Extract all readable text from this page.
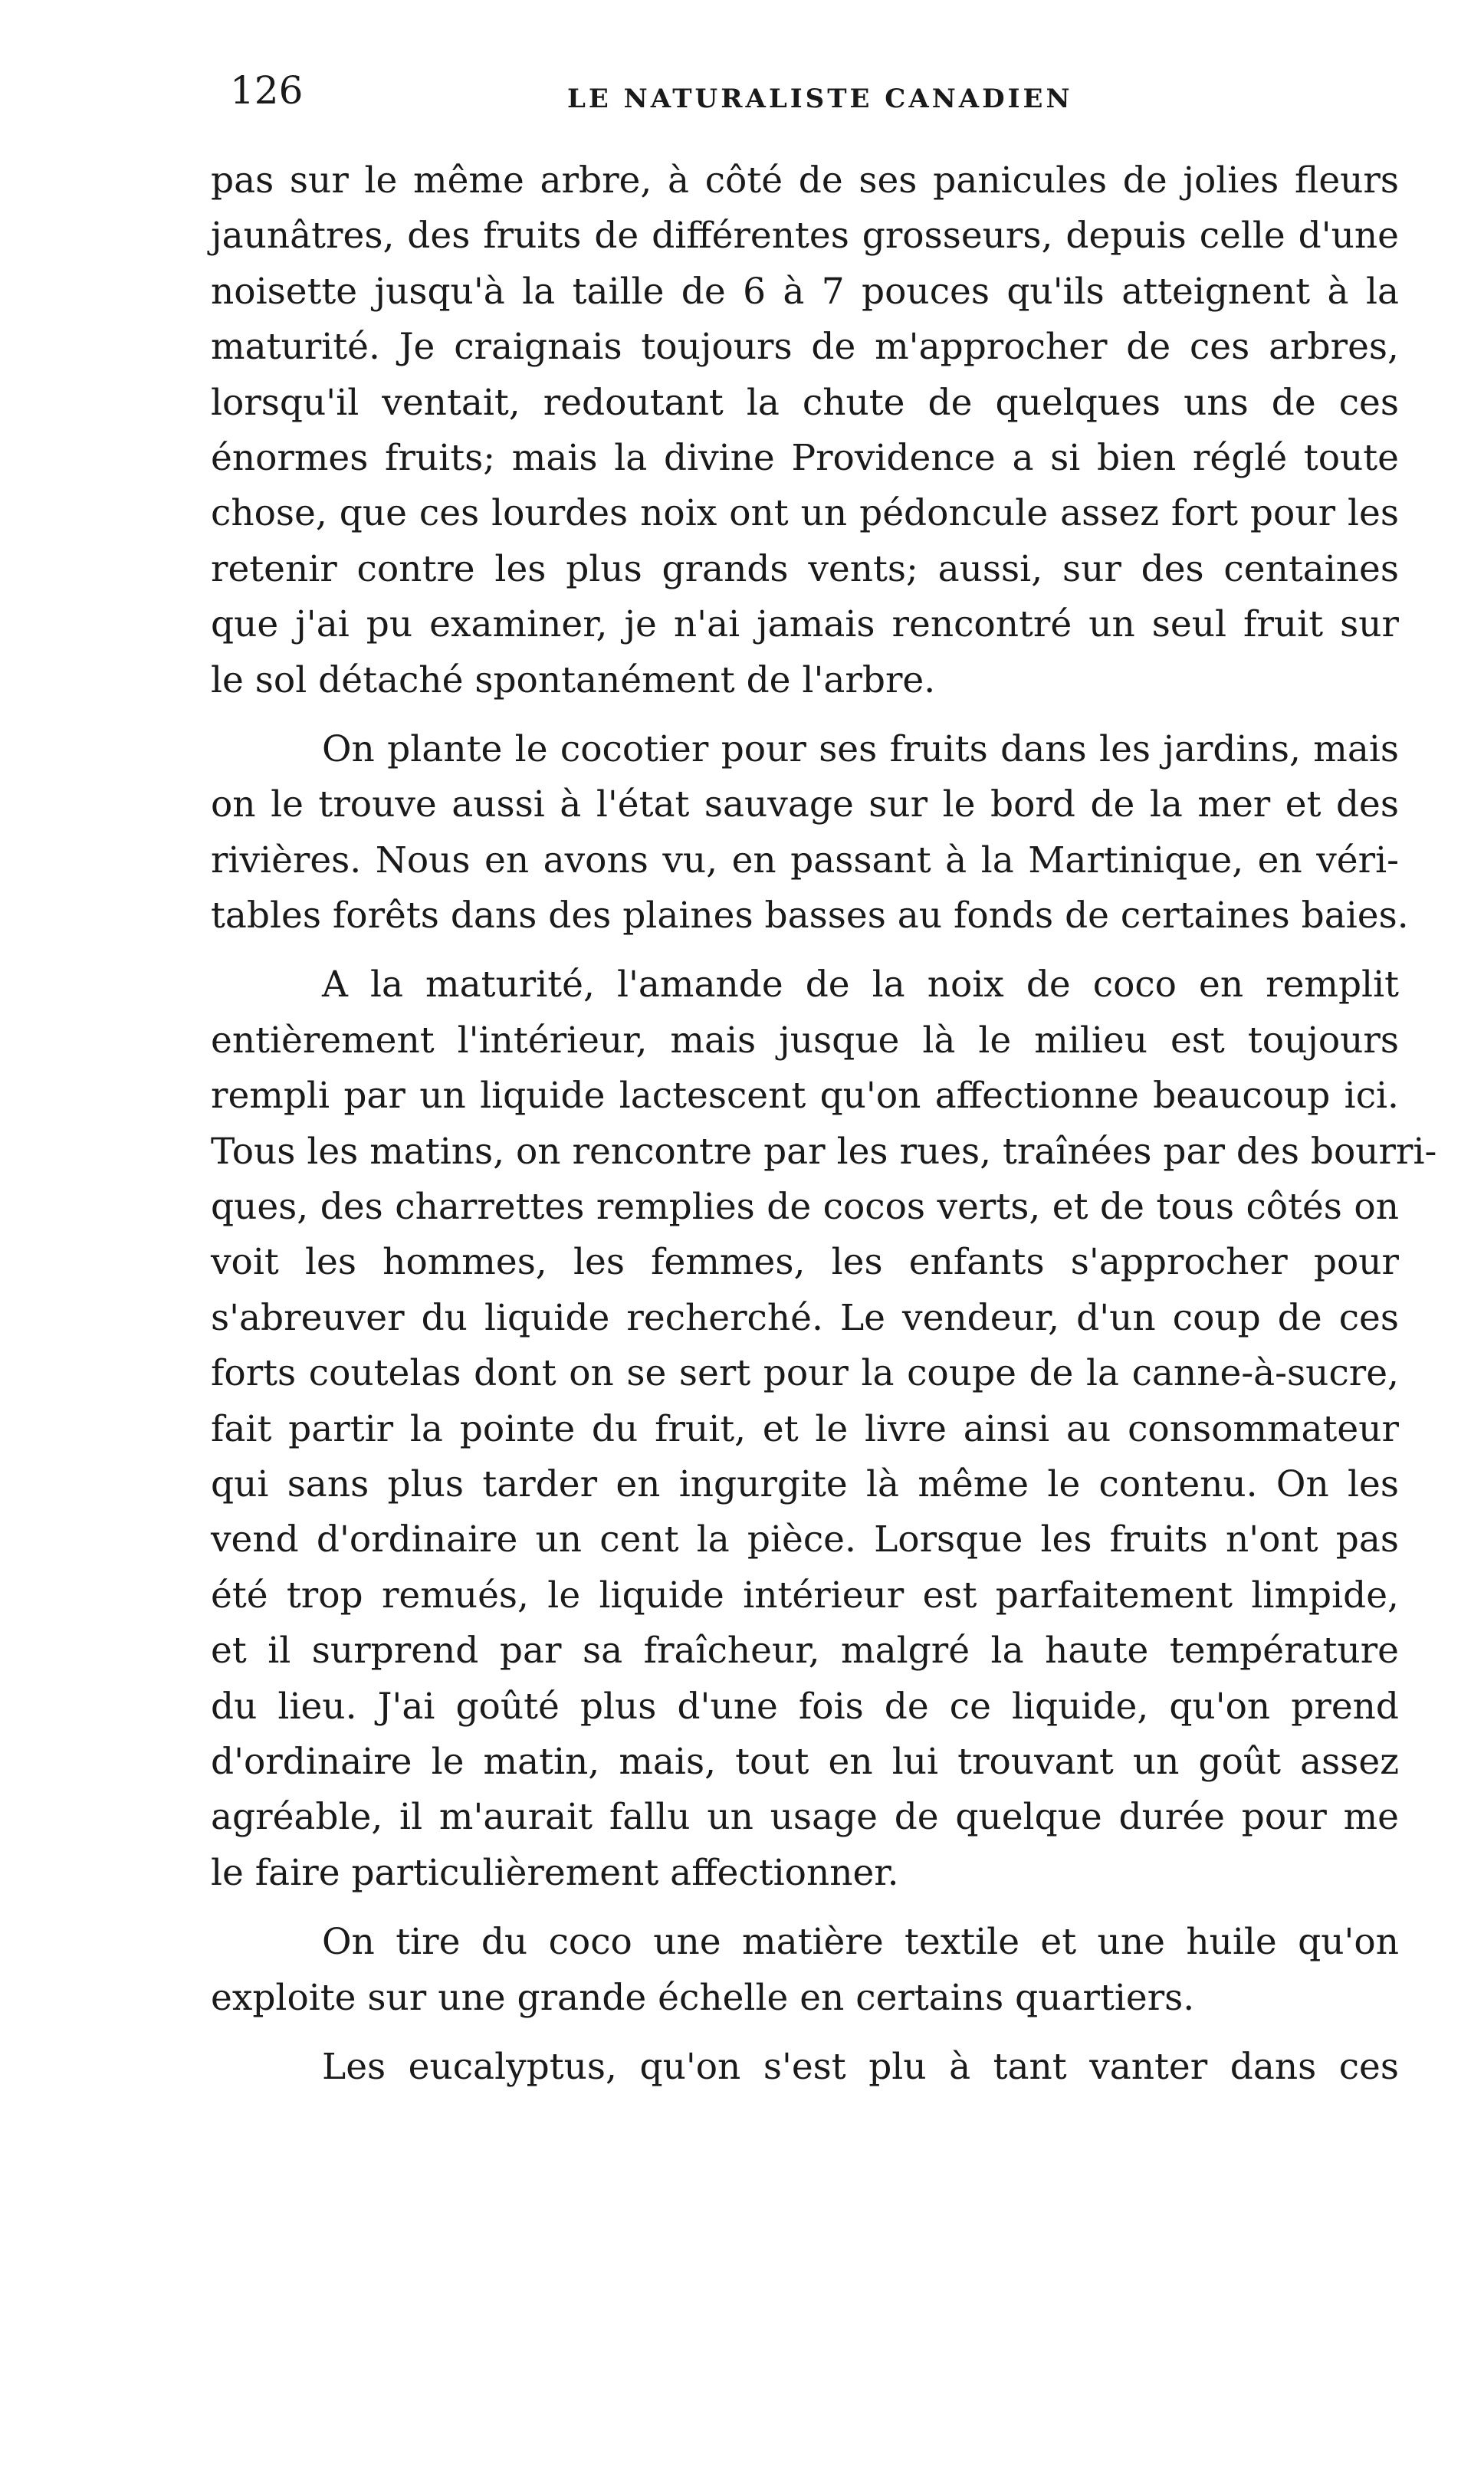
126	LE NATURALISTE CANADIEN
pas sur le même arbre, à côté de ses panicules de jolies fleurs
jaunâtres, des fruits de différentes grosseurs, depuis celle d'une
noisette jusqu'à la taille de 6 à 7 pouces qu'ils atteignent à la
maturité. Je craignais toujours de m'approcher de ces arbres,
lorsqu'il ventait, redoutant la chute de quelques uns de ces
énormes fruits; mais la divine Providence a si bien réglé toute
chose, que ces lourdes noix ont un pédoncule assez fort pour les
retenir contre les plus grands vents; aussi, sur des centaines
que j'ai pu examiner, je n'ai jamais rencontré un seul fruit sur
le sol détaché spontanément de l'arbre.
On plante le cocotier pour ses fruits dans les jardins, mais
on le trouve aussi à l'état sauvage sur le bord de la mer et des
rivières. Nous en avons vu, en passant à la Martinique, en véri-
tables forêts dans des plaines basses au fonds de certaines baies.
A la maturité, l'amande de la noix de coco en remplit
entièrement l'intérieur, mais jusque là le milieu est toujours
rempli par un liquide lactescent qu'on affectionne beaucoup ici.
Tous les matins, on rencontre par les rues, traînées par des bourri-
ques, des charrettes remplies de cocos verts, et de tous côtés on
voit les hommes, les femmes, les enfants s'approcher pour
s'abreuver du liquide recherché. Le vendeur, d'un coup de ces
forts coutelas dont on se sert pour la coupe de la canne-à-sucre,
fait partir la pointe du fruit, et le livre ainsi au consommateur
qui sans plus tarder en ingurgite là même le contenu. On les
vend d'ordinaire un cent la pièce. Lorsque les fruits n'ont pas
été trop remués, le liquide intérieur est parfaitement limpide,
et il surprend par sa fraîcheur, malgré la haute température
du lieu. J'ai goûté plus d'une fois de ce liquide, qu'on prend
d'ordinaire le matin, mais, tout en lui trouvant un goût assez
agréable, il m'aurait fallu un usage de quelque durée pour me
le faire particulièrement affectionner.
On tire du coco une matière textile et une huile qu'on
exploite sur une grande échelle en certains quartiers.
Les eucalyptus, qu'on s'est plu à tant vanter dans ces
